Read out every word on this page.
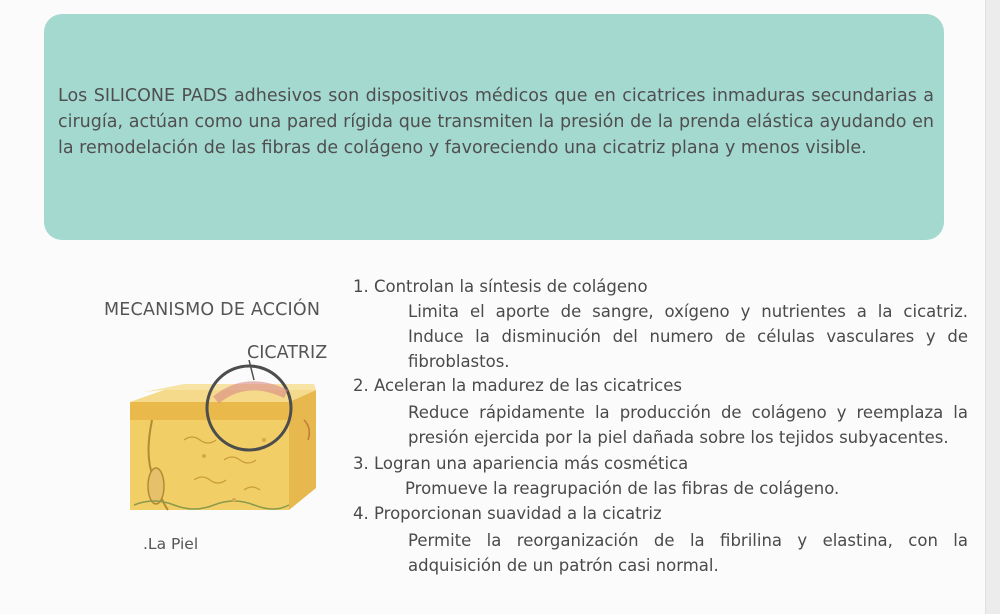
Los SILICONE PADS adhesivos son dispositivos médicos que en cicatrices inmaduras secundarias a cirugía, actúan como una pared rígida que transmiten la presión de la prenda elástica ayudando en la remodelación de las fibras de colágeno y favoreciendo una cicatriz plana y menos visible.

MECANISMO DE ACCIÓN
CICATRIZ
.La Piel
1. Controlan la síntesis de colágeno
Limita el aporte de sangre, oxígeno y nutrientes a la cicatriz. Induce la disminución del numero de células vasculares y de fibroblastos.
2. Aceleran la madurez de las cicatrices
Reduce rápidamente la producción de colágeno y reemplaza la presión ejercida por la piel dañada sobre los tejidos subyacentes.
3. Logran una apariencia más cosmética
Promueve la reagrupación de las fibras de colágeno.
4. Proporcionan suavidad a la cicatriz
Permite la reorganización de la fibrilina y elastina, con la adquisición de un patrón casi normal.
